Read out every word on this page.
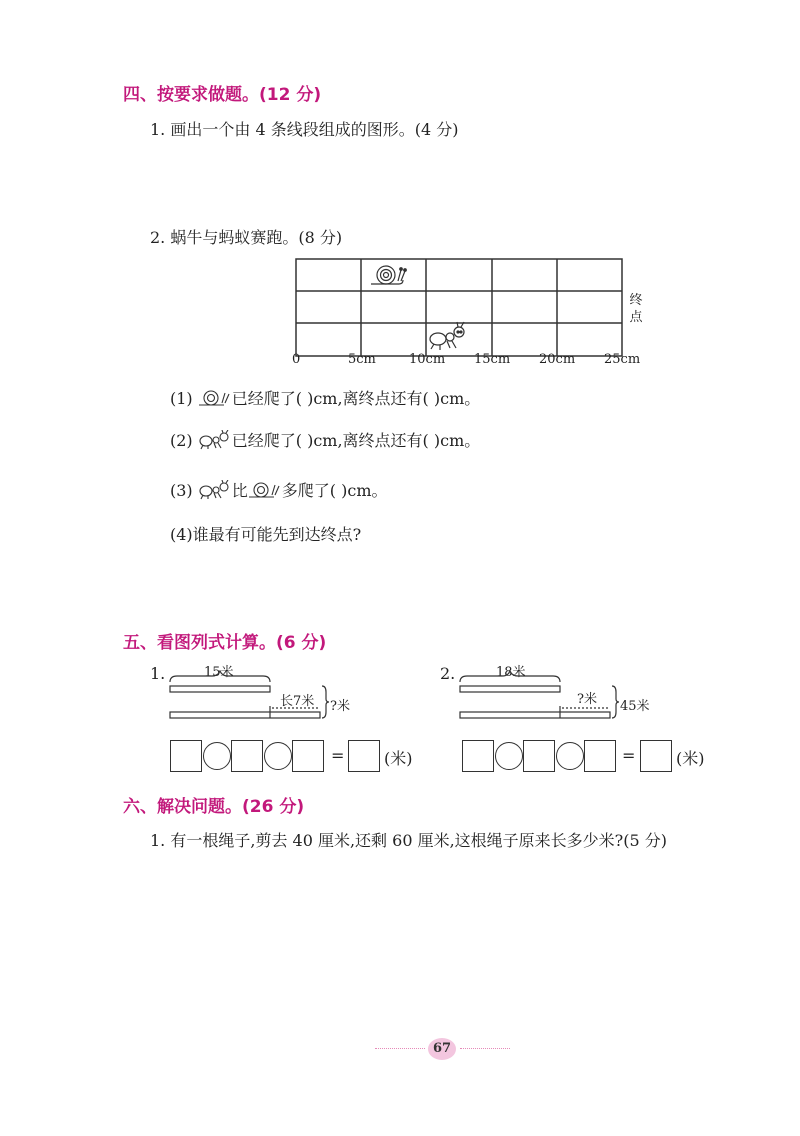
四、按要求做题。(12 分)
1. 画出一个由 4 条线段组成的图形。(4 分)
2. 蜗牛与蚂蚁赛跑。(8 分)
0	5cm	10cm 15cm 20cm 25cm
终
点
(1) 已经爬了( )cm,离终点还有( )cm。
(2) 已经爬了( )cm,离终点还有( )cm。
(3) 比 多爬了( )cm。
(4)谁最有可能先到达终点?
五、看图列式计算。(6 分)
1.	15米
长7米 ?米
= (米)
2.	18米
?米 45米
=	(米)
六、解决问题。(26 分)
1. 有一根绳子,剪去 40 厘米,还剩 60 厘米,这根绳子原来长多少米?(5 分)
67
